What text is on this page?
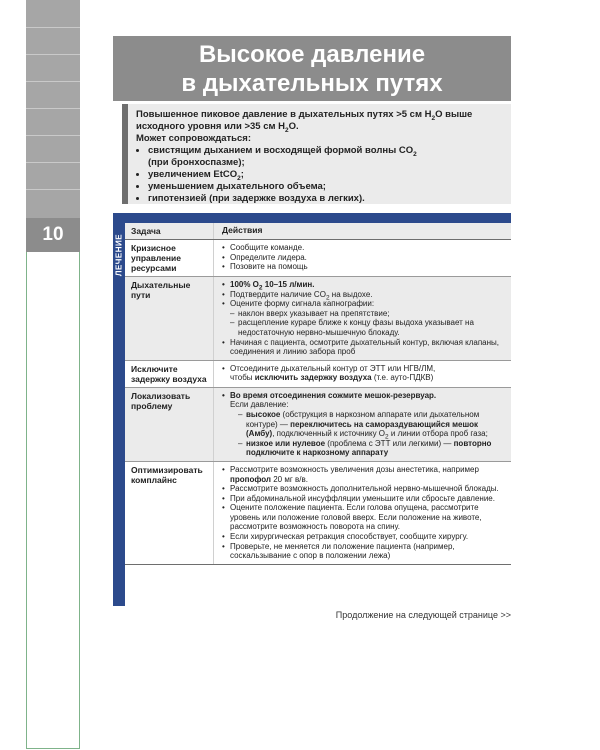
10
Высокое давление
в дыхательных путях

Повышенное пиковое давление в дыхательных путях >5 см $H_2O$ выше исходного уровня или >35 см $H_2O$.

Может сопровождаться:

• свистящим дыханием и восходящей формой волны $CO_2$
(при бронхоспазме);
• увеличением EtCO$_2$;
• уменьшением дыхательного объема;
• гипотензией (при задержке воздуха в легких).
ЛЕЧЕНИЕ
Задача	Действия
Кризисное управление ресурсами
• Сообщите команде.
• Определите лидера.
• Позовите на помощь
Дыхательные пути
• 100% $O_2$ 10–15 л/мин.
• Подтвердите наличие $CO_2$ на выдохе.
• Оцените форму сигнала капнографии:
– наклон вверх указывает на препятствие;
– расщепление кураре ближе к концу фазы выдоха указывает на недостаточную нервно-мышечную блокаду.
• Начиная с пациента, осмотрите дыхательный контур, включая клапаны, соединения и линию забора проб
Исключите задержку воздуха
• Отсоедините дыхательный контур от ЭТТ или НГВ/ЛМ,
чтобы исключить задержку воздуха (т.е. ауто-ПДКВ)
Локализовать проблему
• Во время отсоединения сожмите мешок-резервуар.
Если давление:
– высокое (обструкция в наркозном аппарате или дыхательном контуре) — переключитесь на самораздувающийся мешок (Амбу), подключенный к источнику $O_2$ и линии отбора проб газа;
– низкое или нулевое (проблема с ЭТТ или легкими) — повторно подключите к наркозному аппарату
Оптимизировать комплайнс
• Рассмотрите возможность увеличения дозы анестетика, например пропофол 20 мг в/в.
• Рассмотрите возможность дополнительной нервно-мышечной блокады.
• При абдоминальной инсуффляции уменьшите или сбросьте давление.
• Оцените положение пациента. Если голова опущена, рассмотрите уровень или положение головой вверх. Если положение на животе, рассмотрите возможность поворота на спину.
• Если хирургическая ретракция способствует, сообщите хирургу.
• Проверьте, не меняется ли положение пациента (например, соскальзывание с опор в положении лежа)
Продолжение на следующей странице >>
